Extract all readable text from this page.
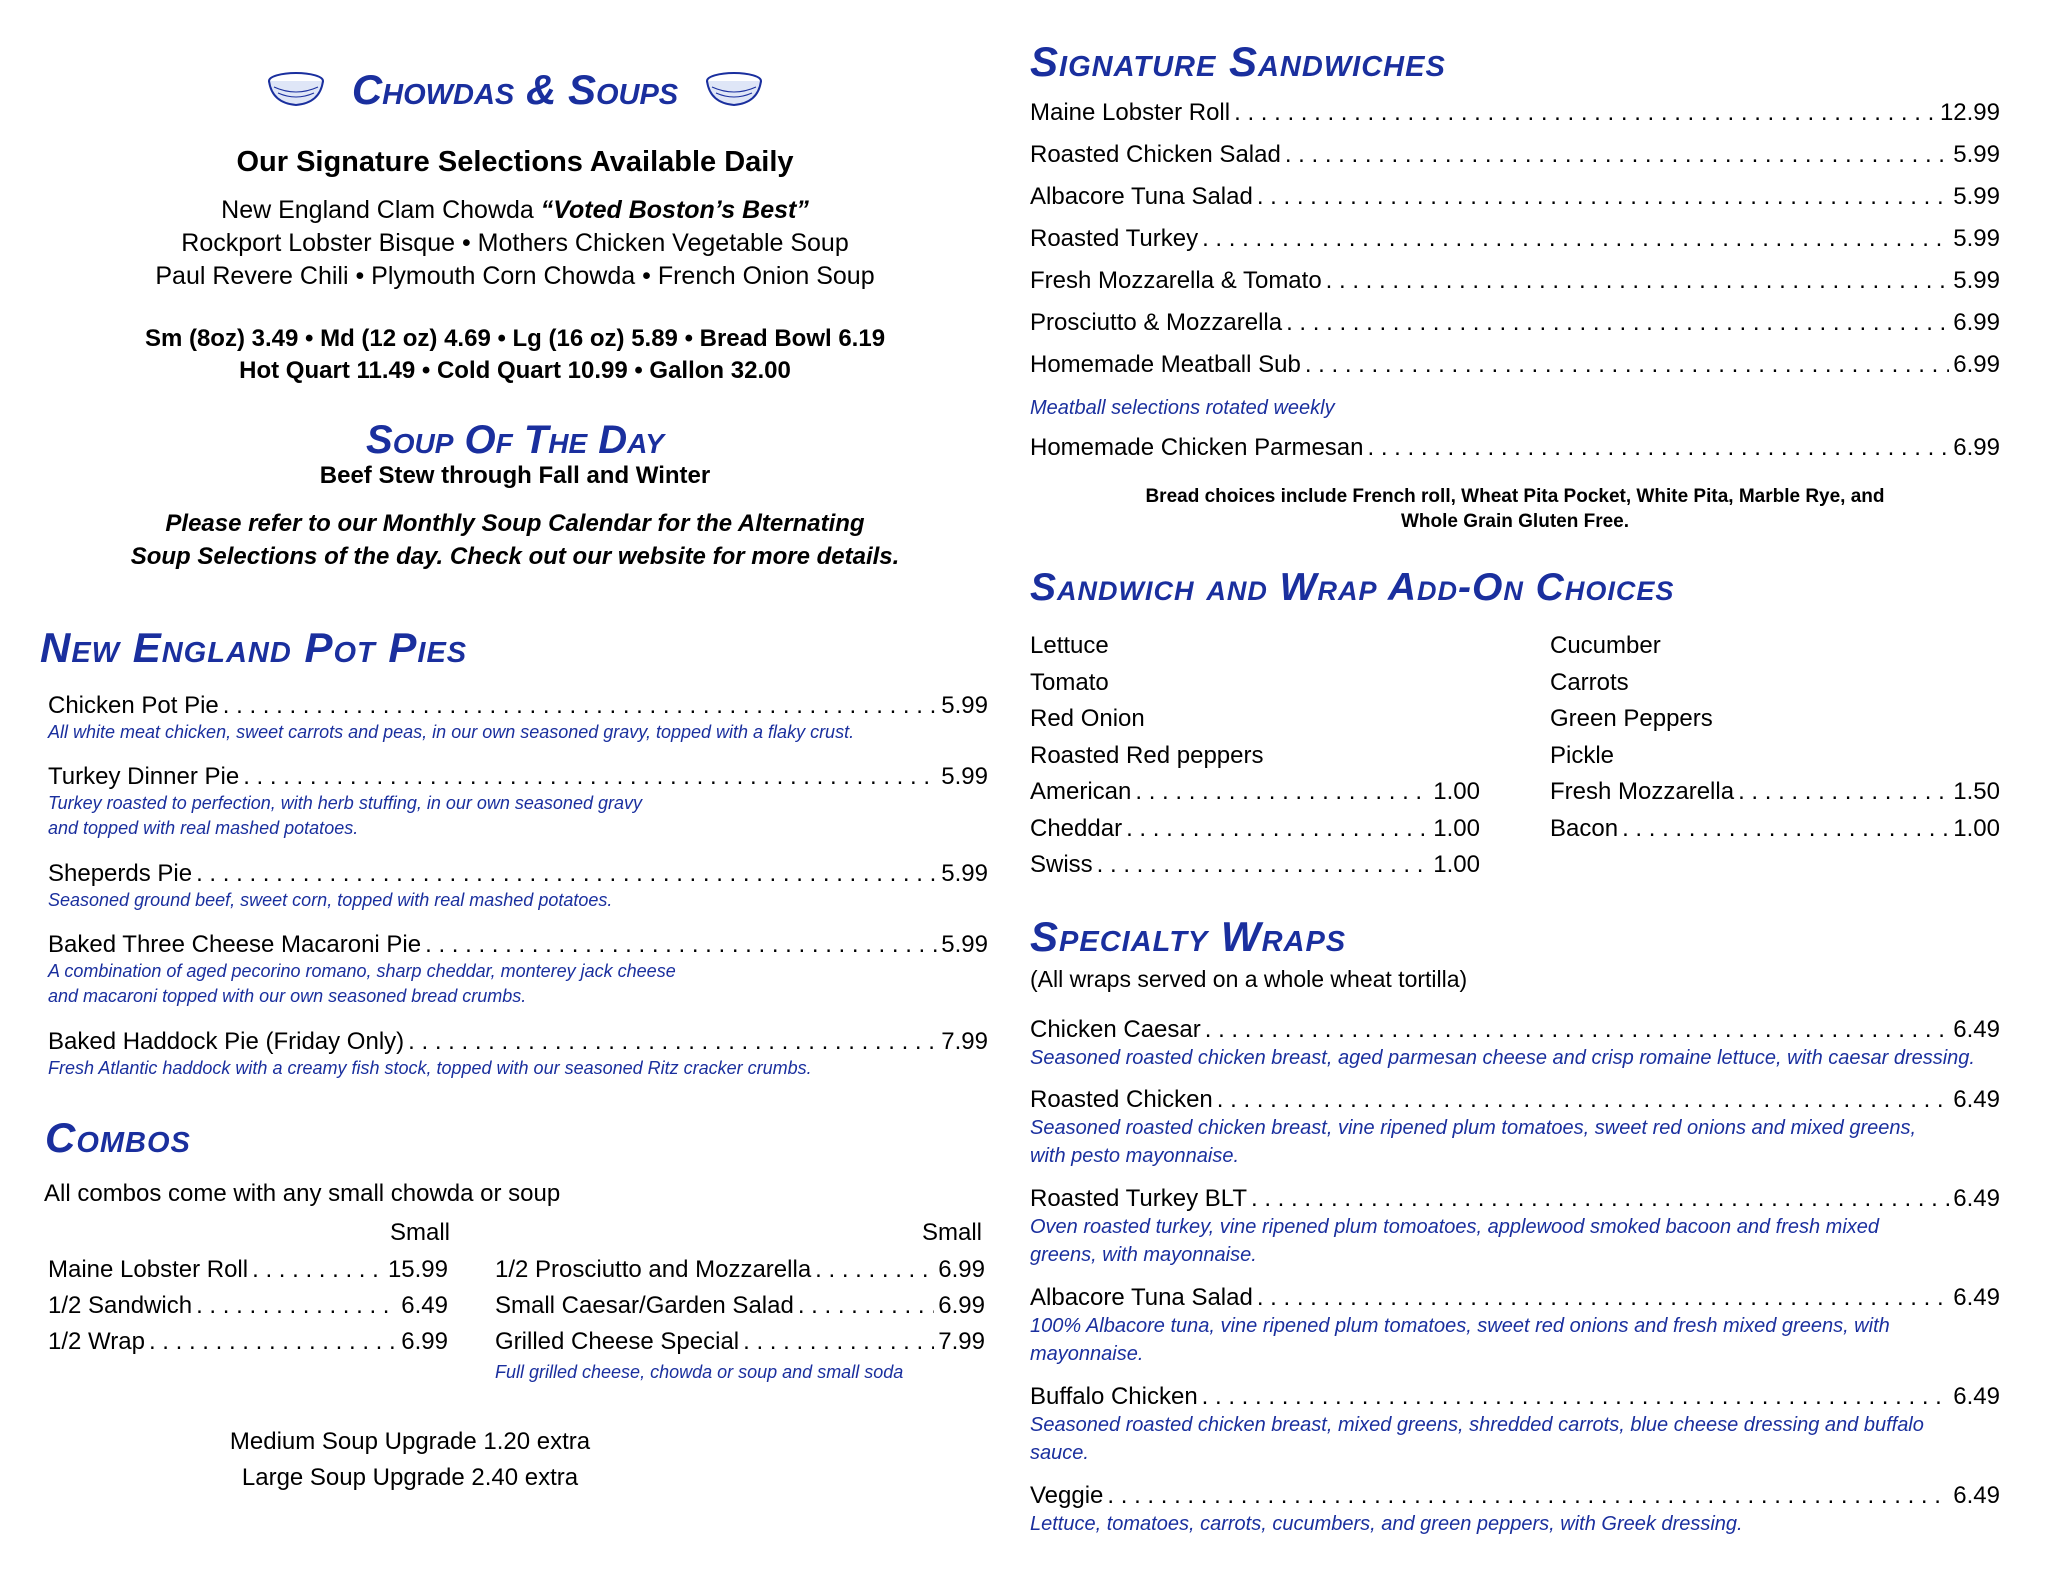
Chowdas & Soups
Our Signature Selections Available Daily
New England Clam Chowda “Voted Boston’s Best”
Rockport Lobster Bisque • Mothers Chicken Vegetable Soup
Paul Revere Chili • Plymouth Corn Chowda • French Onion Soup
Sm (8oz) 3.49 • Md (12 oz) 4.69 • Lg (16 oz) 5.89 • Bread Bowl 6.19
Hot Quart 11.49 • Cold Quart 10.99 • Gallon 32.00
Soup Of The Day
Beef Stew through Fall and Winter
Please refer to our Monthly Soup Calendar for the Alternating
Soup Selections of the day. Check out our website for more details.
New England Pot Pies
Chicken Pot Pie . . .	5.99
All white meat chicken, sweet carrots and peas, in our own seasoned gravy, topped with a flaky crust.
Turkey Dinner Pie . . .	5.99
Turkey roasted to perfection, with herb stuffing, in our own seasoned gravy
and topped with real mashed potatoes.
Sheperds Pie . . .	5.99
Seasoned ground beef, sweet corn, topped with real mashed potatoes.
Baked Three Cheese Macaroni Pie . . .	5.99
A combination of aged pecorino romano, sharp cheddar, monterey jack cheese
and macaroni topped with our own seasoned bread crumbs.
Baked Haddock Pie (Friday Only) . . .	7.99
Fresh Atlantic haddock with a creamy fish stock, topped with our seasoned Ritz cracker crumbs.
Combos
All combos come with any small chowda or soup
Small	Small
Maine Lobster Roll . . .	15.99
1/2 Sandwich . . .	6.49
1/2 Wrap . . .	6.99
1/2 Prosciutto and Mozzarella . . .	6.99
Small Caesar/Garden Salad . . .	6.99
Grilled Cheese Special . . .	7.99
Full grilled cheese, chowda or soup and small soda
Medium Soup Upgrade 1.20 extra
Large Soup Upgrade 2.40 extra
Signature Sandwiches
Maine Lobster Roll . . .	12.99
Roasted Chicken Salad . . .	5.99
Albacore Tuna Salad . . .	5.99
Roasted Turkey . . .	5.99
Fresh Mozzarella & Tomato . . .	5.99
Prosciutto & Mozzarella . . .	6.99
Homemade Meatball Sub . . .	6.99
Meatball selections rotated weekly
Homemade Chicken Parmesan . . .	6.99
Bread choices include French roll, Wheat Pita Pocket, White Pita, Marble Rye, and
Whole Grain Gluten Free.
Sandwich and Wrap Add-On Choices
Lettuce
Tomato
Red Onion
Roasted Red peppers
American . . .	1.00
Cheddar . . .	1.00
Swiss . . .	1.00
Cucumber
Carrots
Green Peppers
Pickle
Fresh Mozzarella . . .	1.50
Bacon . . .	1.00
Specialty Wraps
(All wraps served on a whole wheat tortilla)
Chicken Caesar . . .	6.49
Seasoned roasted chicken breast, aged parmesan cheese and crisp romaine lettuce, with caesar dressing.
Roasted Chicken . . .	6.49
Seasoned roasted chicken breast, vine ripened plum tomatoes, sweet red onions and mixed greens,
with pesto mayonnaise.
Roasted Turkey BLT . . .	6.49
Oven roasted turkey, vine ripened plum tomoatoes, applewood smoked bacoon and fresh mixed
greens, with mayonnaise.
Albacore Tuna Salad . . .	6.49
100% Albacore tuna, vine ripened plum tomatoes, sweet red onions and fresh mixed greens, with
mayonnaise.
Buffalo Chicken . . .	6.49
Seasoned roasted chicken breast, mixed greens, shredded carrots, blue cheese dressing and buffalo
sauce.
Veggie . . .	6.49
Lettuce, tomatoes, carrots, cucumbers, and green peppers, with Greek dressing.
